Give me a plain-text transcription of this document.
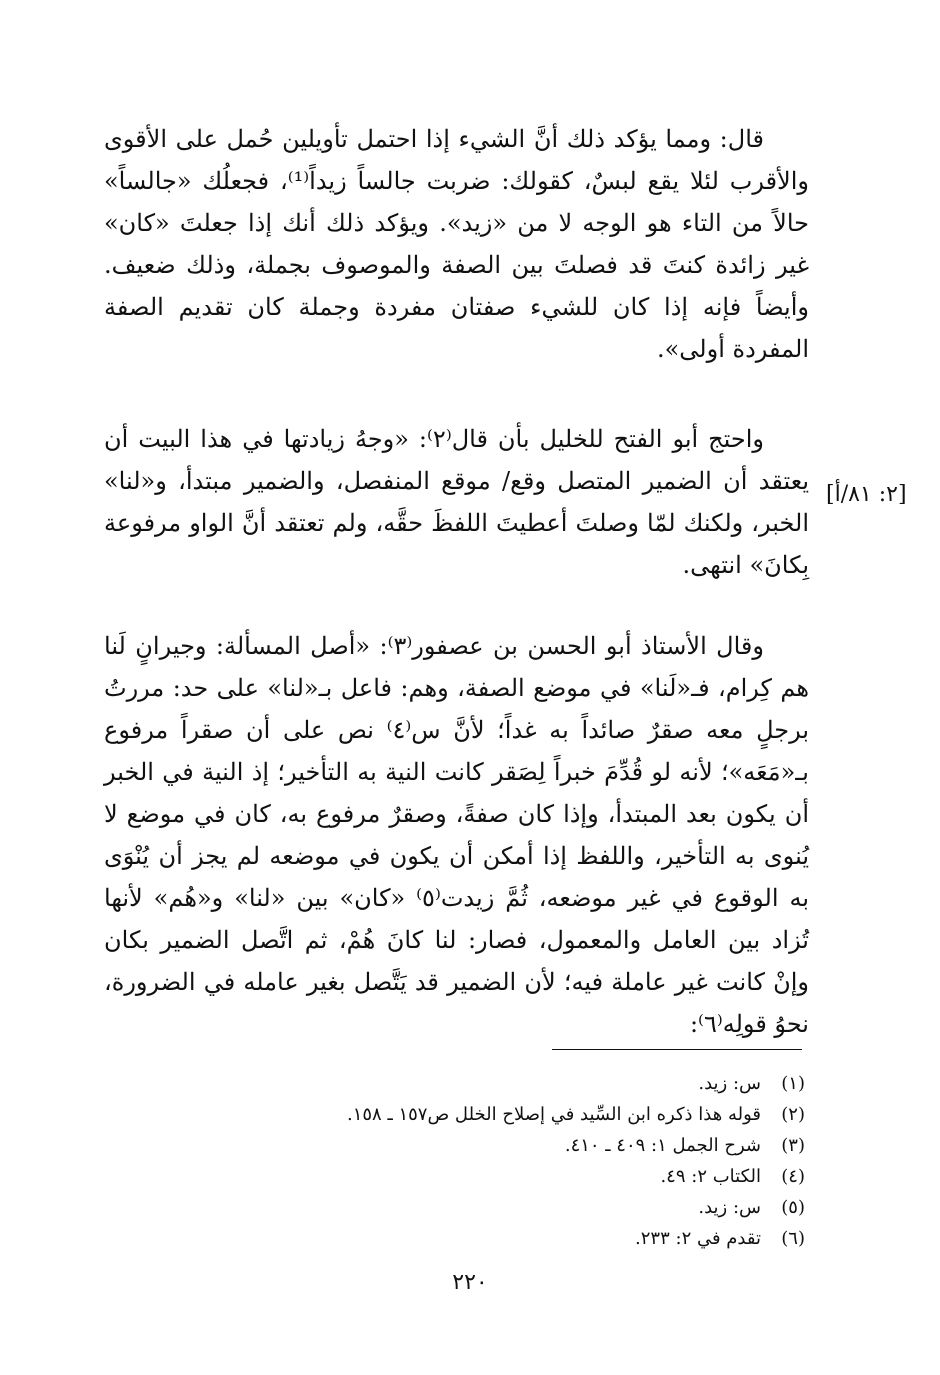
قال: ومما يؤكد ذلك أنَّ الشيء إذا احتمل تأويلين حُمل على الأقوى والأقرب لئلا يقع لبسٌ، كقولك: ضربت جالساً زيداً⁽¹⁾، فجعلُك «جالساً» حالاً من التاء هو الوجه لا من «زيد». ويؤكد ذلك أنك إذا جعلتَ «كان» غير زائدة كنتَ قد فصلتَ بين الصفة والموصوف بجملة، وذلك ضعيف. وأيضاً فإنه إذا كان للشيء صفتان مفردة وجملة كان تقديم الصفة المفردة أولى».

واحتج أبو الفتح للخليل بأن قال⁽٢⁾: «وجهُ زيادتها في هذا البيت أن يعتقد أن الضمير المتصل وقع/ موقع المنفصل، والضمير مبتدأ، و«لنا» الخبر، ولكنك لمّا وصلتَ أعطيتَ اللفظَ حقَّه، ولم تعتقد أنَّ الواو مرفوعة بِكانَ» انتهى.

[٢: ٨١/أ]

وقال الأستاذ أبو الحسن بن عصفور⁽٣⁾: «أصل المسألة: وجيرانٍ لَنا هم كِرام، فـ«لَنا» في موضع الصفة، وهم: فاعل بـ«لنا» على حد: مررتُ برجلٍ معه صقرٌ صائداً به غداً؛ لأنَّ س⁽٤⁾ نص على أن صقراً مرفوع بـ«مَعَه»؛ لأنه لو قُدِّمَ خبراً لِصَقر كانت النية به التأخير؛ إذ النية في الخبر أن يكون بعد المبتدأ، وإذا كان صفةً، وصقرٌ مرفوع به، كان في موضع لا يُنوى به التأخير، واللفظ إذا أمكن أن يكون في موضعه لم يجز أن يُنْوَى به الوقوع في غير موضعه، ثُمَّ زيدت⁽٥⁾ «كان» بين «لنا» و«هُم» لأنها تُزاد بين العامل والمعمول، فصار: لنا كانَ هُمْ، ثم اتَّصل الضمير بكان وإنْ كانت غير عاملة فيه؛ لأن الضمير قد يَتَّصل بغير عامله في الضرورة، نحوُ قولِه⁽٦⁾:

(١)س: زيد.
(٢)قوله هذا ذكره ابن السِّيد في إصلاح الخلل ص١٥٧ ـ ١٥٨.
(٣)شرح الجمل ١: ٤٠٩ ـ ٤١٠.
(٤)الكتاب ٢: ٤٩.
(٥)س: زيد.
(٦)تقدم في ٢: ٢٣٣.
٢٢٠
